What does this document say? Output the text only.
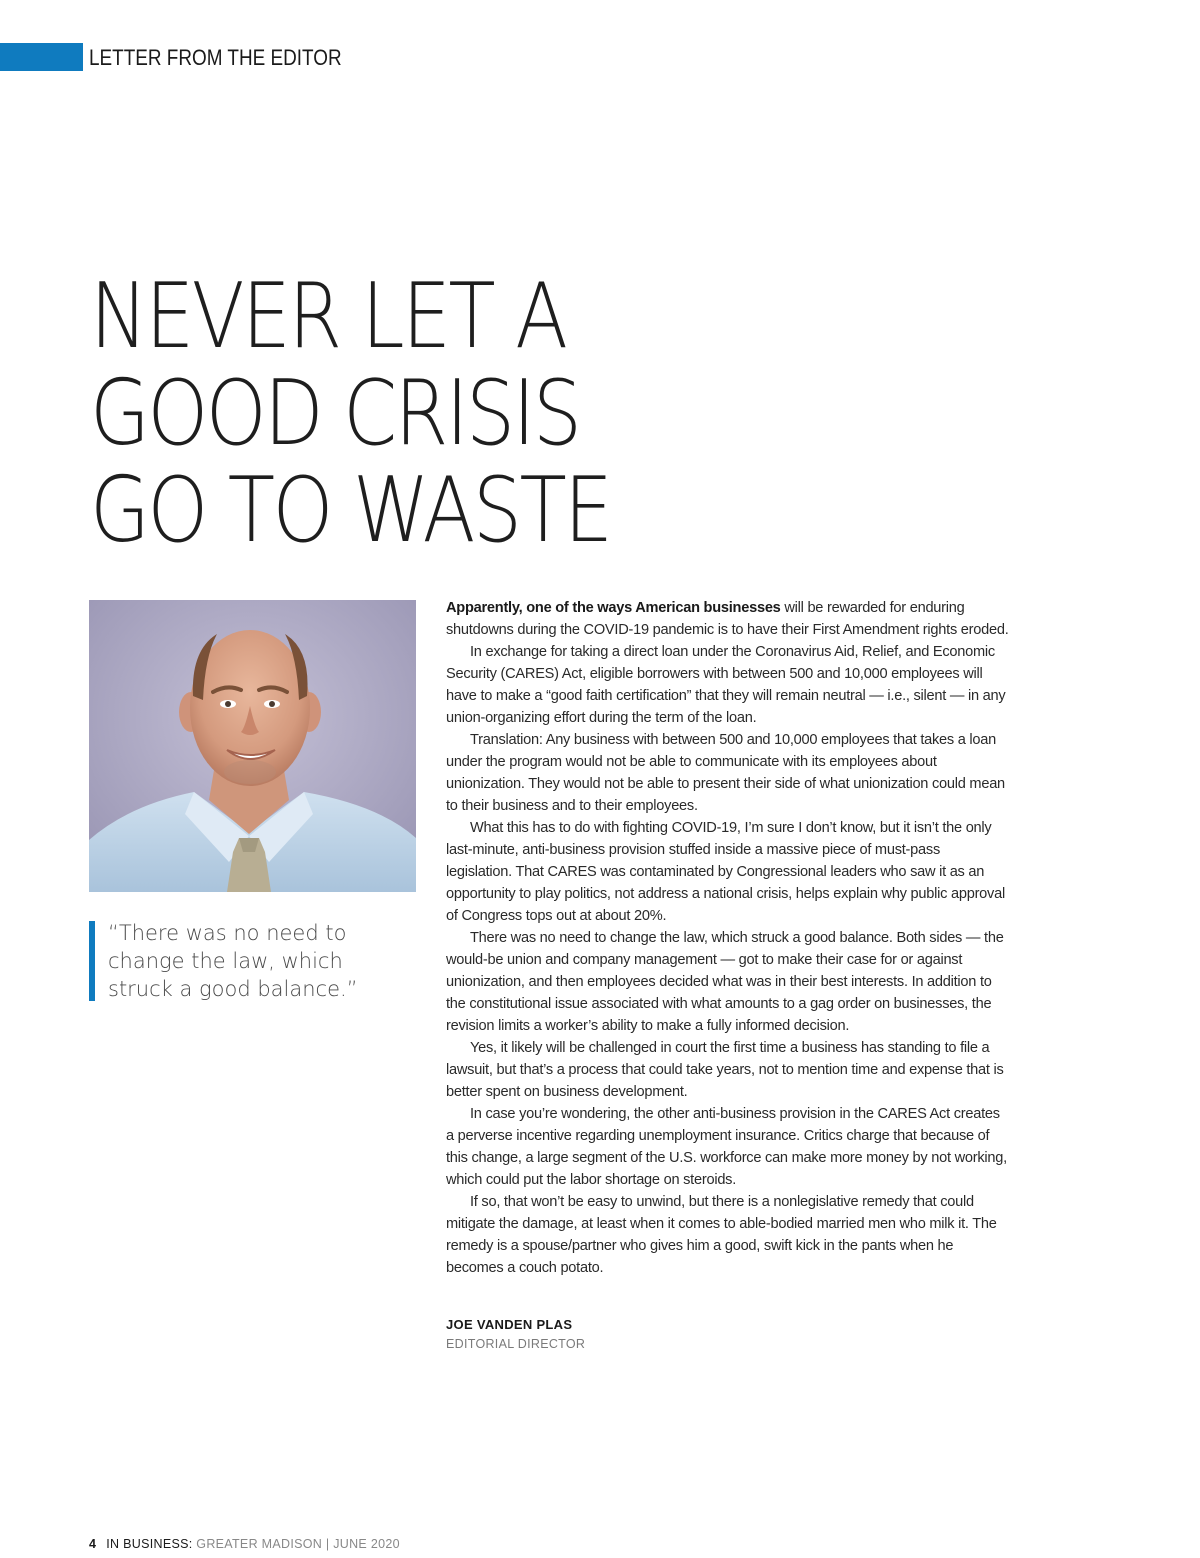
LETTER FROM THE EDITOR
NEVER LET A
GOOD CRISIS
GO TO WASTE
“There was no need to change the law, which struck a good balance.”

Apparently, one of the ways American businesses will be rewarded for enduring shutdowns during the COVID-19 pandemic is to have their First Amendment rights eroded.

In exchange for taking a direct loan under the Coronavirus Aid, Relief, and Economic Security (CARES) Act, eligible borrowers with between 500 and 10,000 employees will have to make a “good faith certification” that they will remain neutral — i.e., silent — in any union-organizing effort during the term of the loan.

Translation: Any business with between 500 and 10,000 employees that takes a loan under the program would not be able to communicate with its employees about unionization. They would not be able to present their side of what unionization could mean to their business and to their employees.

What this has to do with fighting COVID-19, I’m sure I don’t know, but it isn’t the only last-minute, anti-business provision stuffed inside a massive piece of must-pass legislation. That CARES was contaminated by Congressional leaders who saw it as an opportunity to play politics, not address a national crisis, helps explain why public approval of Congress tops out at about 20%.

There was no need to change the law, which struck a good balance. Both sides — the would-be union and company management — got to make their case for or against unionization, and then employees decided what was in their best interests. In addition to the constitutional issue associated with what amounts to a gag order on businesses, the revision limits a worker’s ability to make a fully informed decision.

Yes, it likely will be challenged in court the first time a business has standing to file a lawsuit, but that’s a process that could take years, not to mention time and expense that is better spent on business development.

In case you’re wondering, the other anti-business provision in the CARES Act creates a perverse incentive regarding unemployment insurance. Critics charge that because of this change, a large segment of the U.S. workforce can make more money by not working, which could put the labor shortage on steroids.

If so, that won’t be easy to unwind, but there is a nonlegislative remedy that could mitigate the damage, at least when it comes to able-bodied married men who milk it. The remedy is a spouse/partner who gives him a good, swift kick in the pants when he becomes a couch potato.

JOE VANDEN PLAS
EDITORIAL DIRECTOR
4 IN BUSINESS: GREATER MADISON | JUNE 2020
